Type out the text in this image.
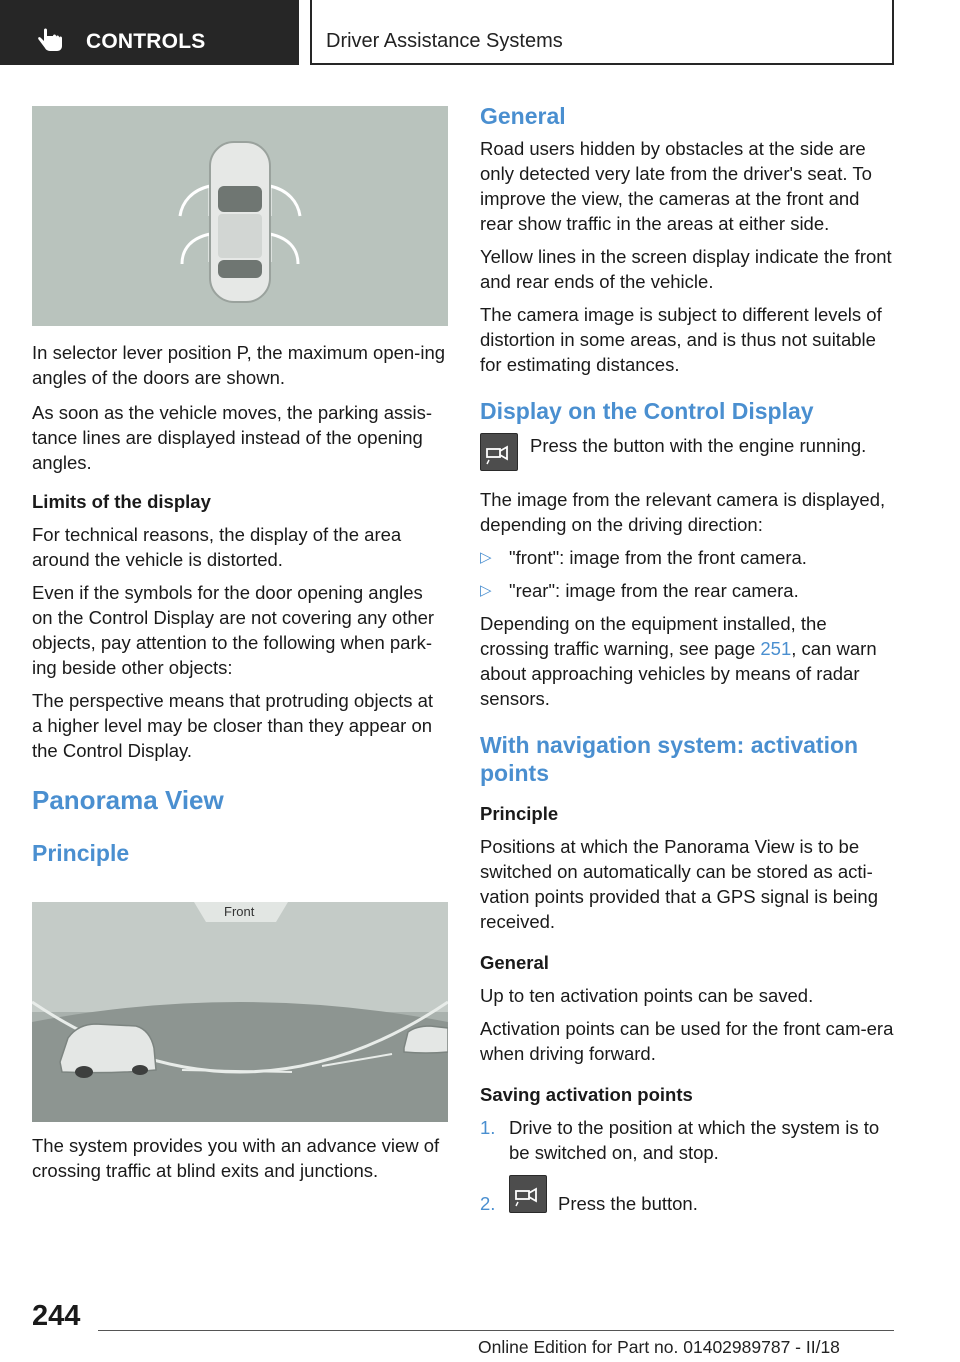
CONTROLS	Driver Assistance Systems

In selector lever position P, the maximum open-ing angles of the doors are shown.

As soon as the vehicle moves, the parking assis-tance lines are displayed instead of the opening angles.

Limits of the display

For technical reasons, the display of the area around the vehicle is distorted.

Even if the symbols for the door opening angles on the Control Display are not covering any other objects, pay attention to the following when park-ing beside other objects:

The perspective means that protruding objects at a higher level may be closer than they appear on the Control Display.

Panorama View
Principle
Front

The system provides you with an advance view of crossing traffic at blind exits and junctions.

General

Road users hidden by obstacles at the side are only detected very late from the driver's seat. To improve the view, the cameras at the front and rear show traffic in the areas at either side.

Yellow lines in the screen display indicate the front and rear ends of the vehicle.

The camera image is subject to different levels of distortion in some areas, and is thus not suitable for estimating distances.

Display on the Control Display
Press the button with the engine running.

The image from the relevant camera is displayed, depending on the driving direction:

▷ "front": image from the front camera.
▷ "rear": image from the rear camera.

Depending on the equipment installed, the crossing traffic warning, see page 251, can warn about approaching vehicles by means of radar sensors.

With navigation system: activation points

Principle

Positions at which the Panorama View is to be switched on automatically can be stored as acti-vation points provided that a GPS signal is being received.

General

Up to ten activation points can be saved.

Activation points can be used for the front cam-era when driving forward.

Saving activation points

1. Drive to the position at which the system is to be switched on, and stop.
2.	Press the button.
244
Online Edition for Part no. 01402989787 - II/18
